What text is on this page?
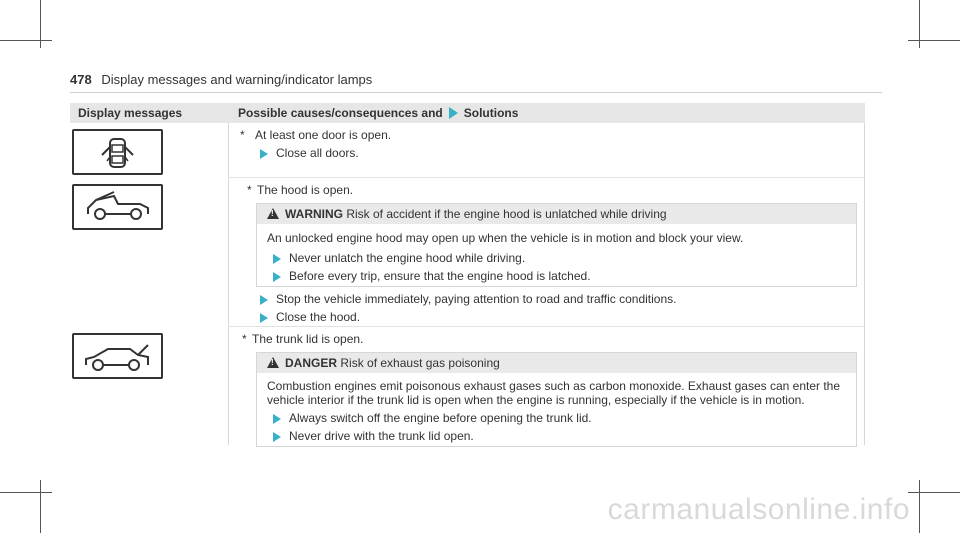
478 Display messages and warning/indicator lamps
Display messages	Possible causes/consequences and Solutions
* At least one door is open.
Close all doors.
* The hood is open.
!
WARNING Risk of accident if the engine hood is unlatched while driving
An unlocked engine hood may open up when the vehicle is in motion and block your view.
Never unlatch the engine hood while driving.
Before every trip, ensure that the engine hood is latched.
Stop the vehicle immediately, paying attention to road and traffic conditions.
Close the hood.
* The trunk lid is open.
!
DANGER Risk of exhaust gas poisoning
Combustion engines emit poisonous exhaust gases such as carbon monoxide. Exhaust gases can enter the
vehicle interior if the trunk lid is open when the engine is running, especially if the vehicle is in motion.
Always switch off the engine before opening the trunk lid.
Never drive with the trunk lid open.
carmanualsonline.info
